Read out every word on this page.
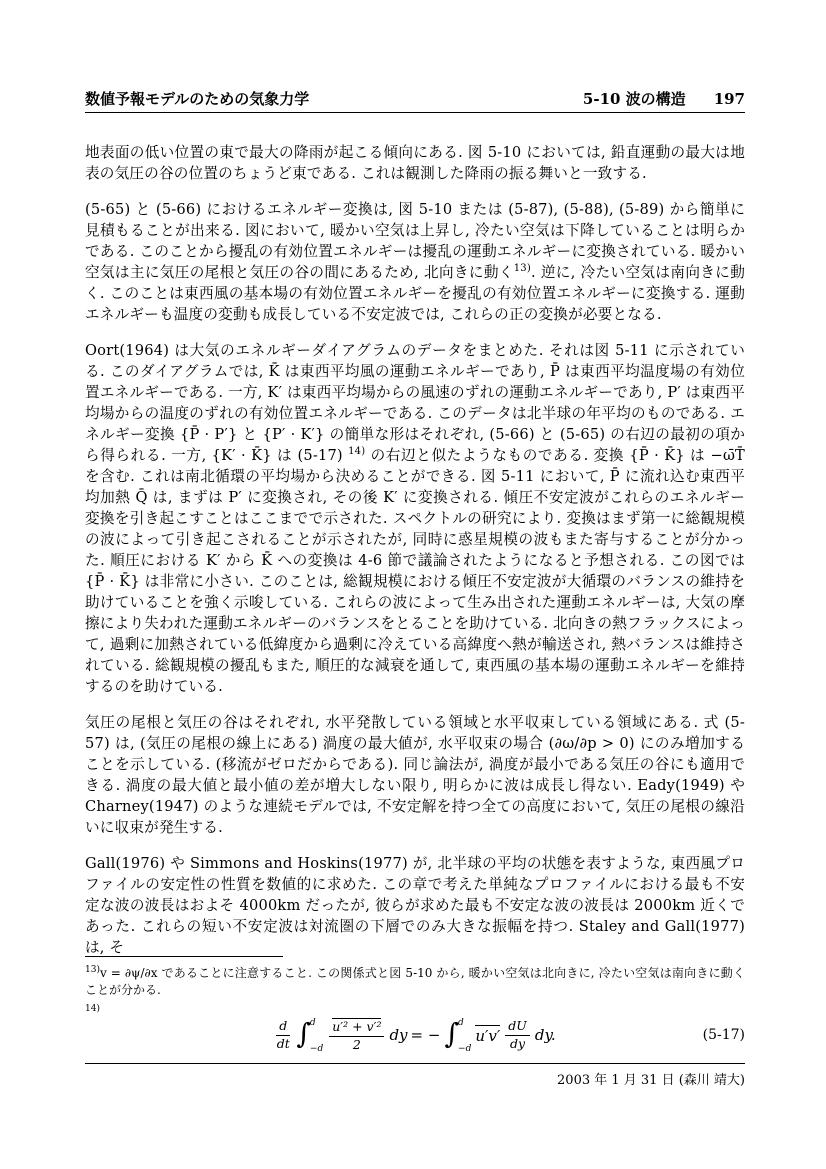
数値予報モデルのための気象力学	5-10 波の構造 197

地表面の低い位置の東で最大の降雨が起こる傾向にある. 図 5-10 においては, 鉛直運動の最大は地表の気圧の谷の位置のちょうど東である. これは観測した降雨の振る舞いと一致する.

(5-65) と (5-66) におけるエネルギー変換は, 図 5-10 または (5-87), (5-88), (5-89) から簡単に見積もることが出来る. 図において, 暖かい空気は上昇し, 冷たい空気は下降していることは明らかである. このことから擾乱の有効位置エネルギーは擾乱の運動エネルギーに変換されている. 暖かい空気は主に気圧の尾根と気圧の谷の間にあるため, 北向きに動く$^{13)}$. 逆に, 冷たい空気は南向きに動く. このことは東西風の基本場の有効位置エネルギーを擾乱の有効位置エネルギーに変換する. 運動エネルギーも温度の変動も成長している不安定波では, これらの正の変換が必要となる.

Oort(1964) は大気のエネルギーダイアグラムのデータをまとめた. それは図 5-11 に示されている. このダイアグラムでは, K̄ は東西平均風の運動エネルギーであり, P̄ は東西平均温度場の有効位置エネルギーである. 一方, K′ は東西平均場からの風速のずれの運動エネルギーであり, P′ は東西平均場からの温度のずれの有効位置エネルギーである. このデータは北半球の年平均のものである. エネルギー変換 {P̄ · P′} と {P′ · K′} の簡単な形はそれぞれ, (5-66) と (5-65) の右辺の最初の項から得られる. 一方, {K′ · K̄} は (5-17) $^{14)}$ の右辺と似たようなものである. 変換 {P̄ · K̄} は −ω̄T̄ を含む. これは南北循環の平均場から決めることができる. 図 5-11 において, P̄ に流れ込む東西平均加熱 Q̄ は, まずは P′ に変換され, その後 K′ に変換される. 傾圧不安定波がこれらのエネルギー変換を引き起こすことはここまでで示された. スペクトルの研究により. 変換はまず第一に総観規模の波によって引き起こされることが示されたが, 同時に惑星規模の波もまた寄与することが分かった. 順圧における K′ から K̄ への変換は 4-6 節で議論されたようになると予想される. この図では {P̄ · K̄} は非常に小さい. このことは, 総観規模における傾圧不安定波が大循環のバランスの維持を助けていることを強く示唆している. これらの波によって生み出された運動エネルギーは, 大気の摩擦により失われた運動エネルギーのバランスをとることを助けている. 北向きの熱フラックスによって, 過剰に加熱されている低緯度から過剰に冷えている高緯度へ熱が輸送され, 熱バランスは維持されている. 総観規模の擾乱もまた, 順圧的な減衰を通して, 東西風の基本場の運動エネルギーを維持するのを助けている.

気圧の尾根と気圧の谷はそれぞれ, 水平発散している領域と水平収束している領域にある. 式 (5-57) は, (気圧の尾根の線上にある) 渦度の最大値が, 水平収束の場合 (∂ω/∂p > 0) にのみ増加することを示している. (移流がゼロだからである). 同じ論法が, 渦度が最小である気圧の谷にも適用できる. 渦度の最大値と最小値の差が増大しない限り, 明らかに波は成長し得ない. Eady(1949) や Charney(1947) のような連続モデルでは, 不安定解を持つ全ての高度において, 気圧の尾根の線沿いに収束が発生する.

Gall(1976) や Simmons and Hoskins(1977) が, 北半球の平均の状態を表すような, 東西風プロファイルの安定性の性質を数値的に求めた. この章で考えた単純なプロファイルにおける最も不安定な波の波長はおよそ 4000km だったが, 彼らが求めた最も不安定な波の波長は 2000km 近くであった. これらの短い不安定波は対流圏の下層でのみ大きな振幅を持つ. Staley and Gall(1977) は, そ

$^{13)}$v = ∂ψ/∂x であることに注意すること. この関係式と図 5-10 から, 暖かい空気は北向きに, 冷たい空気は南向きに動くことが分かる.
$^{14)}$
$\frac{d}{dt}$ ∫ d
$-d \frac{\text{u′² + v′²}}{2}$ dy = − ∫ d
−d
$u'v' \frac{dU}{dy}$ dy.	(5-17)
2003 年 1 月 31 日 (森川 靖大)
